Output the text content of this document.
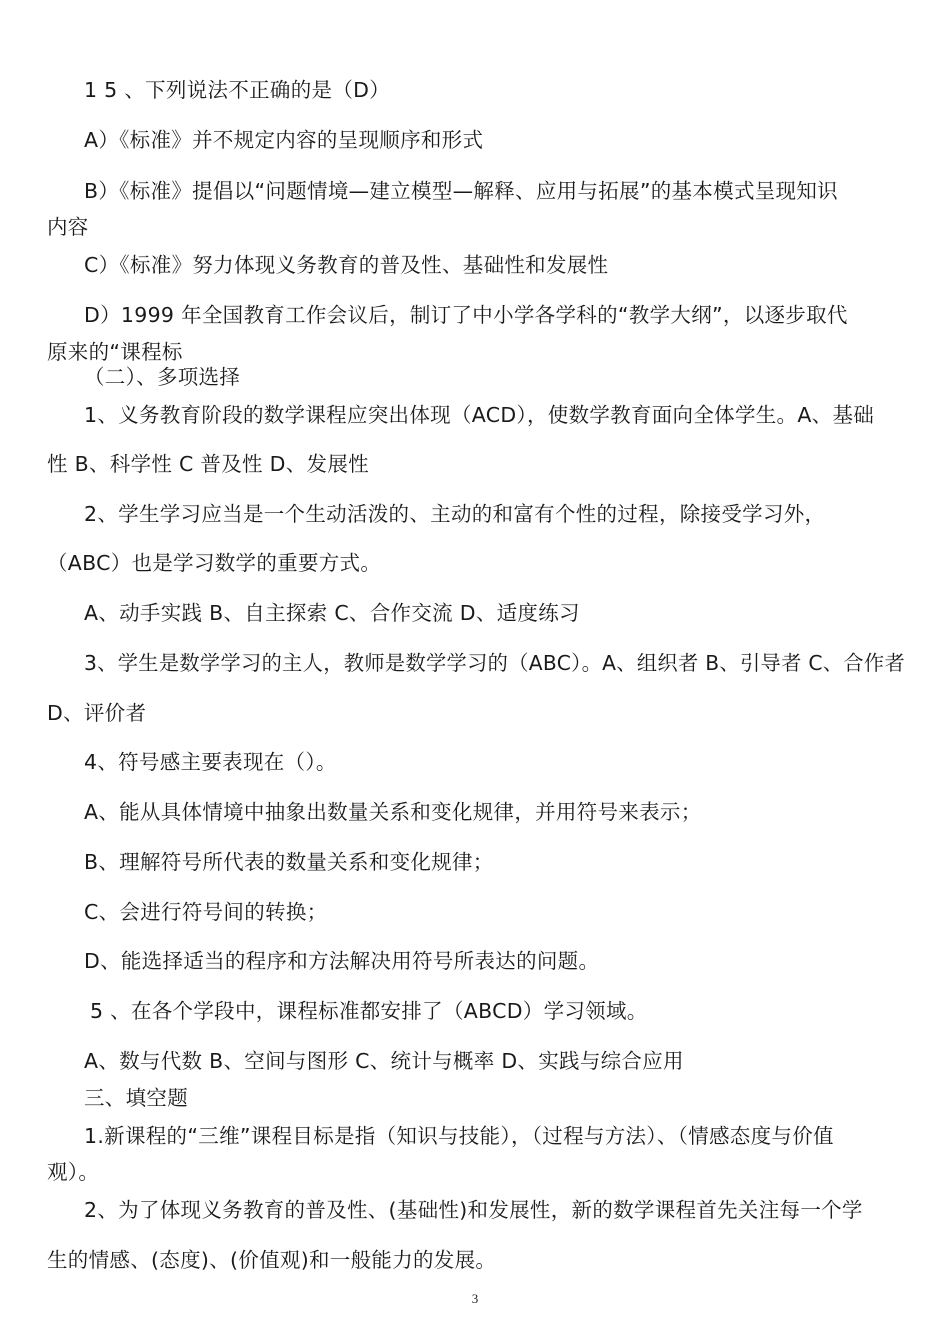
1 5 、下列说法不正确的是（D）
A）《标准》并不规定内容的呈现顺序和形式
B）《标准》提倡以“问题情境—建立模型—解释、应用与拓展”的基本模式呈现知识
内容
C）《标准》努力体现义务教育的普及性、基础性和发展性
D）1999 年全国教育工作会议后，制订了中小学各学科的“教学大纲”，以逐步取代
原来的“课程标
（二）、多项选择
1、义务教育阶段的数学课程应突出体现（ACD），使数学教育面向全体学生。A、基础
性 B、科学性 C 普及性 D、发展性
2、学生学习应当是一个生动活泼的、主动的和富有个性的过程，除接受学习外，
（ABC）也是学习数学的重要方式。
A、动手实践 B、自主探索 C、合作交流 D、适度练习
3、学生是数学学习的主人，教师是数学学习的（ABC）。A、组织者 B、引导者 C、合作者
D、评价者
4、符号感主要表现在（）。
A、能从具体情境中抽象出数量关系和变化规律，并用符号来表示；
B、理解符号所代表的数量关系和变化规律；
C、会进行符号间的转换；
D、能选择适当的程序和方法解决用符号所表达的问题。
5 、在各个学段中，课程标准都安排了（ABCD）学习领域。
A、数与代数 B、空间与图形 C、统计与概率 D、实践与综合应用
三、填空题
1.新课程的“三维”课程目标是指（知识与技能），（过程与方法）、（情感态度与价值
观）。
2、为了体现义务教育的普及性、(基础性)和发展性，新的数学课程首先关注每一个学
生的情感、(态度)、(价值观)和一般能力的发展。
3
